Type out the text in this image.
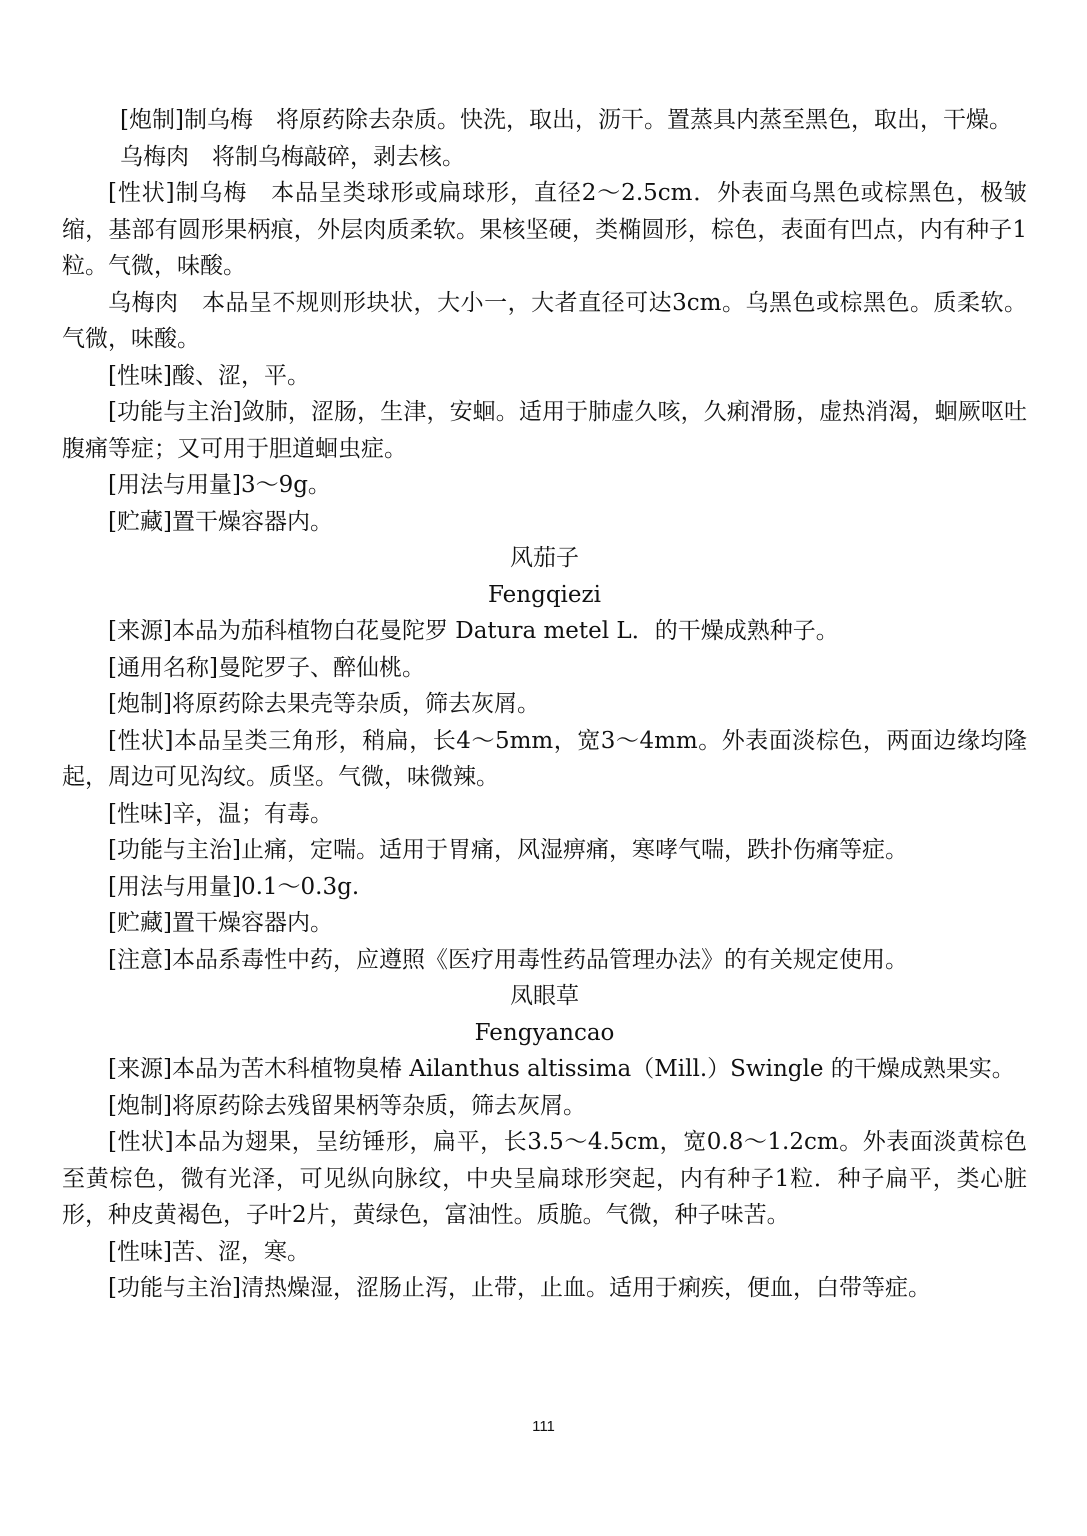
[炮制]制乌梅　将原药除去杂质。快洗，取出，沥干。置蒸具内蒸至黑色，取出，干燥。

乌梅肉　将制乌梅敲碎，剥去核。

[性状]制乌梅　本品呈类球形或扁球形，直径2～2.5cm．外表面乌黑色或棕黑色，极皱缩，基部有圆形果柄痕，外层肉质柔软。果核坚硬，类椭圆形，棕色，表面有凹点，内有种子1粒。气微，味酸。

乌梅肉　本品呈不规则形块状，大小一，大者直径可达3cm。乌黑色或棕黑色。质柔软。气微，味酸。

[性味]酸、涩，平。

[功能与主治]敛肺，涩肠，生津，安蛔。适用于肺虚久咳，久痢滑肠，虚热消渴，蛔厥呕吐腹痛等症；又可用于胆道蛔虫症。

[用法与用量]3～9g。

[贮藏]置干燥容器内。

风茄子

Fengqiezi

[来源]本品为茄科植物白花曼陀罗 Datura metel L．的干燥成熟种子。

[通用名称]曼陀罗子、醉仙桃。

[炮制]将原药除去果壳等杂质，筛去灰屑。

[性状]本品呈类三角形，稍扁，长4～5mm，宽3～4mm。外表面淡棕色，两面边缘均隆起，周边可见沟纹。质坚。气微，味微辣。

[性味]辛，温；有毒。

[功能与主治]止痛，定喘。适用于胃痛，风湿痹痛，寒哮气喘，跌扑伤痛等症。

[用法与用量]0.1～0.3g.

[贮藏]置干燥容器内。

[注意]本品系毒性中药，应遵照《医疗用毒性药品管理办法》的有关规定使用。

凤眼草

Fengyancao

[来源]本品为苦木科植物臭椿 Ailanthus altissima（Mill.）Swingle 的干燥成熟果实。

[炮制]将原药除去残留果柄等杂质，筛去灰屑。

[性状]本品为翅果，呈纺锤形，扁平，长3.5～4.5cm，宽0.8～1.2cm。外表面淡黄棕色至黄棕色，微有光泽，可见纵向脉纹，中央呈扁球形突起，内有种子1粒．种子扁平，类心脏形，种皮黄褐色，子叶2片，黄绿色，富油性。质脆。气微，种子味苦。

[性味]苦、涩，寒。

[功能与主治]清热燥湿，涩肠止泻，止带，止血。适用于痢疾，便血，白带等症。

111
